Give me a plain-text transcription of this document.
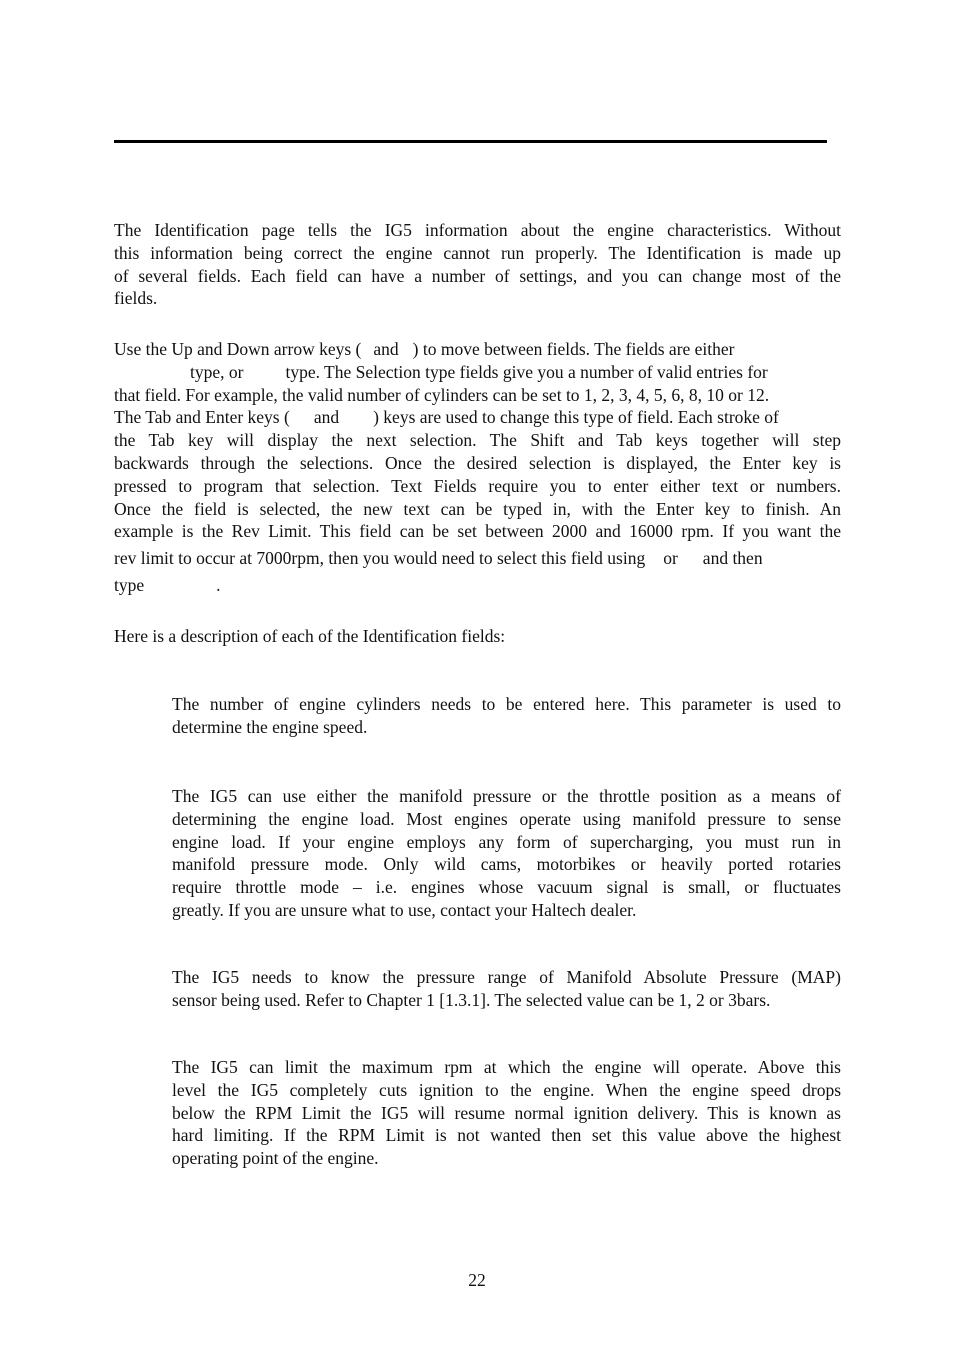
The Identification page tells the IG5 information about the engine characteristics. Without
this information being correct the engine cannot run properly. The Identification is made up
of several fields. Each field can have a number of settings, and you can change most of the
fields.
Use the Up and Down arrow keys ( and ) to move between fields. The fields are either
type, or type. The Selection type fields give you a number of valid entries for
that field. For example, the valid number of cylinders can be set to 1, 2, 3, 4, 5, 6, 8, 10 or 12.
The Tab and Enter keys ( and ) keys are used to change this type of field. Each stroke of
the Tab key will display the next selection. The Shift and Tab keys together will step
backwards through the selections. Once the desired selection is displayed, the Enter key is
pressed to program that selection. Text Fields require you to enter either text or numbers.
Once the field is selected, the new text can be typed in, with the Enter key to finish. An
example is the Rev Limit. This field can be set between 2000 and 16000 rpm. If you want the
rev limit to occur at 7000rpm, then you would need to select this field using or and then
type	.
Here is a description of each of the Identification fields:
The number of engine cylinders needs to be entered here. This parameter is used to
determine the engine speed.
The IG5 can use either the manifold pressure or the throttle position as a means of
determining the engine load. Most engines operate using manifold pressure to sense
engine load. If your engine employs any form of supercharging, you must run in
manifold pressure mode. Only wild cams, motorbikes or heavily ported rotaries
require throttle mode – i.e. engines whose vacuum signal is small, or fluctuates
greatly. If you are unsure what to use, contact your Haltech dealer.
The IG5 needs to know the pressure range of Manifold Absolute Pressure (MAP)
sensor being used. Refer to Chapter 1 [1.3.1]. The selected value can be 1, 2 or 3bars.
The IG5 can limit the maximum rpm at which the engine will operate. Above this
level the IG5 completely cuts ignition to the engine. When the engine speed drops
below the RPM Limit the IG5 will resume normal ignition delivery. This is known as
hard limiting. If the RPM Limit is not wanted then set this value above the highest
operating point of the engine.
22
